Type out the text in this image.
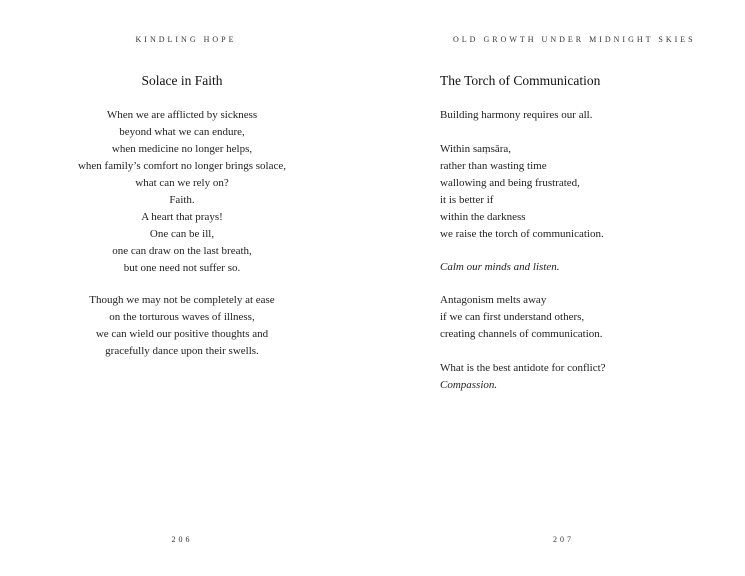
KINDLING HOPE
Solace in Faith
When we are afflicted by sickness
beyond what we can endure,
when medicine no longer helps,
when family’s comfort no longer brings solace,
what can we rely on?
Faith.
A heart that prays!
One can be ill,
one can draw on the last breath,
but one need not suffer so.
Though we may not be completely at ease
on the torturous waves of illness,
we can wield our positive thoughts and
gracefully dance upon their swells.
206
OLD GROWTH UNDER MIDNIGHT SKIES
The Torch of Communication
Building harmony requires our all.
Within saṃsāra,
rather than wasting time
wallowing and being frustrated,
it is better if
within the darkness
we raise the torch of communication.
Calm our minds and listen.
Antagonism melts away
if we can first understand others,
creating channels of communication.
What is the best antidote for conflict?
Compassion.
207
